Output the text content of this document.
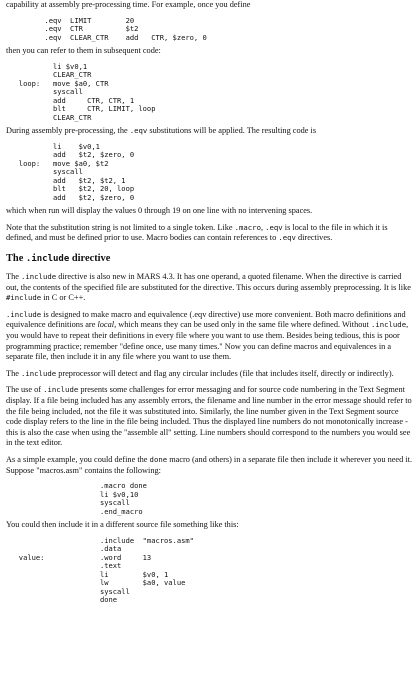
capability at assembly pre-processing time. For example, once you define

.eqv  LIMIT        20
.eqv  CTR          $t2
.eqv  CLEAR_CTR    add   CTR, $zero, 0

then you can refer to them in subsequent code:

li $v0,1
CLEAR_CTR
loop:   move $a0, CTR
syscall
add     CTR, CTR, 1
blt     CTR, LIMIT, loop
CLEAR_CTR

During assembly pre-processing, the .eqv substitutions will be applied. The resulting code is

li    $v0,1
add   $t2, $zero, 0
loop:   move $a0, $t2
syscall
add   $t2, $t2, 1
blt   $t2, 20, loop
add   $t2, $zero, 0

which when run will display the values 0 through 19 on one line with no intervening spaces.

Note that the substitution string is not limited to a single token. Like .macro, .eqv is local to the file in which it is defined, and must be defined prior to use. Macro bodies can contain references to .eqv directives.

The .include directive

The .include directive is also new in MARS 4.3. It has one operand, a quoted filename. When the directive is carried out, the contents of the specified file are substituted for the directive. This occurs during assembly preprocessing. It is like #include in C or C++.

.include is designed to make macro and equivalence (.eqv directive) use more convenient. Both macro definitions and equivalence definitions are local, which means they can be used only in the same file where defined. Without .include, you would have to repeat their definitions in every file where you want to use them. Besides being tedious, this is poor programming practice; remember "define once, use many times." Now you can define macros and equivalences in a separate file, then include it in any file where you want to use them.

The .include preprocessor will detect and flag any circular includes (file that includes itself, directly or indirectly).

The use of .include presents some challenges for error messaging and for source code numbering in the Text Segment display. If a file being included has any assembly errors, the filename and line number in the error message should refer to the file being included, not the file it was substituted into. Similarly, the line number given in the Text Segment source code display refers to the line in the file being included. Thus the displayed line numbers do not monotonically increase - this is also the case when using the "assemble all" setting. Line numbers should correspond to the numbers you would see in the text editor.

As a simple example, you could define the done macro (and others) in a separate file then include it wherever you need it. Suppose "macros.asm" contains the following:

.macro done
li $v0,10
syscall
.end_macro

You could then include it in a different source file something like this:

.include  "macros.asm"
.data
value:             .word     13
.text
li        $v0, 1
lw        $a0, value
syscall
done
